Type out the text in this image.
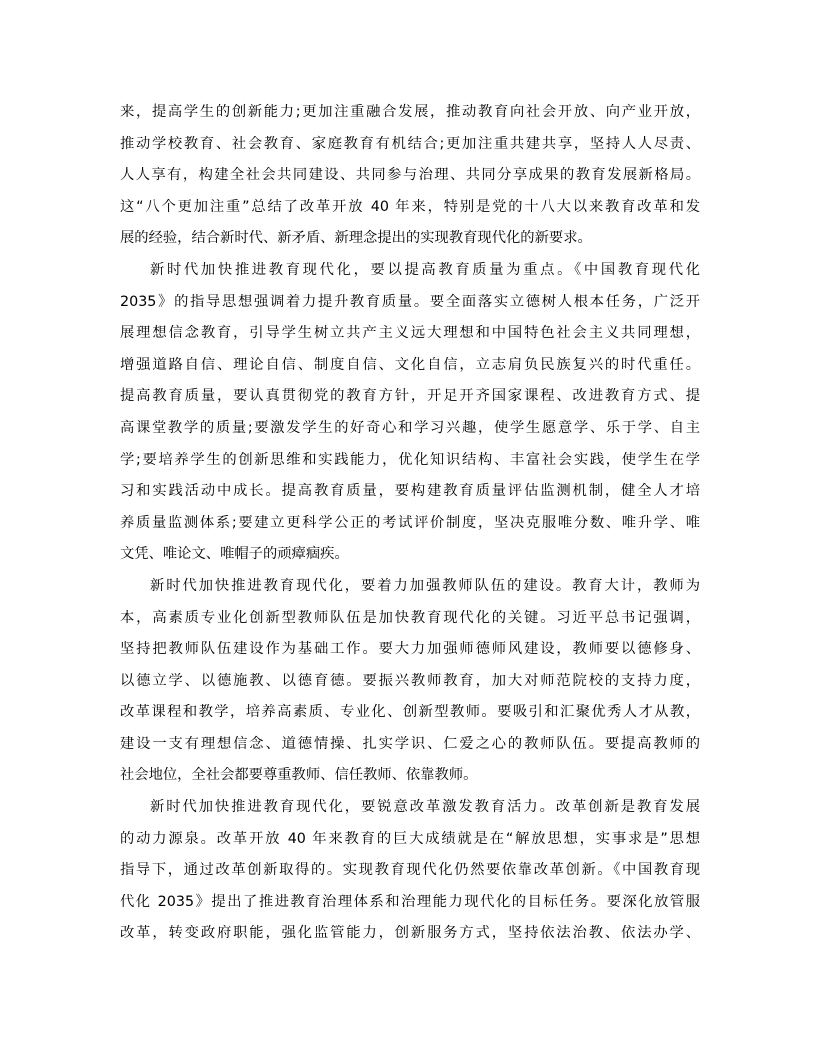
来，提高学生的创新能力;更加注重融合发展，推动教育向社会开放、向产业开放，
推动学校教育、社会教育、家庭教育有机结合;更加注重共建共享，坚持人人尽责、
人人享有，构建全社会共同建设、共同参与治理、共同分享成果的教育发展新格局。
这“八个更加注重”总结了改革开放 40 年来，特别是党的十八大以来教育改革和发
展的经验，结合新时代、新矛盾、新理念提出的实现教育现代化的新要求。
新时代加快推进教育现代化，要以提高教育质量为重点。《中国教育现代化
2035》的指导思想强调着力提升教育质量。要全面落实立德树人根本任务，广泛开
展理想信念教育，引导学生树立共产主义远大理想和中国特色社会主义共同理想，
增强道路自信、理论自信、制度自信、文化自信，立志肩负民族复兴的时代重任。
提高教育质量，要认真贯彻党的教育方针，开足开齐国家课程、改进教育方式、提
高课堂教学的质量;要激发学生的好奇心和学习兴趣，使学生愿意学、乐于学、自主
学;要培养学生的创新思维和实践能力，优化知识结构、丰富社会实践，使学生在学
习和实践活动中成长。提高教育质量，要构建教育质量评估监测机制，健全人才培
养质量监测体系;要建立更科学公正的考试评价制度，坚决克服唯分数、唯升学、唯
文凭、唯论文、唯帽子的顽瘴痼疾。
新时代加快推进教育现代化，要着力加强教师队伍的建设。教育大计，教师为
本，高素质专业化创新型教师队伍是加快教育现代化的关键。习近平总书记强调，
坚持把教师队伍建设作为基础工作。要大力加强师德师风建设，教师要以德修身、
以德立学、以德施教、以德育德。要振兴教师教育，加大对师范院校的支持力度，
改革课程和教学，培养高素质、专业化、创新型教师。要吸引和汇聚优秀人才从教，
建设一支有理想信念、道德情操、扎实学识、仁爱之心的教师队伍。要提高教师的
社会地位，全社会都要尊重教师、信任教师、依靠教师。
新时代加快推进教育现代化，要锐意改革激发教育活力。改革创新是教育发展
的动力源泉。改革开放 40 年来教育的巨大成绩就是在“解放思想，实事求是”思想
指导下，通过改革创新取得的。实现教育现代化仍然要依靠改革创新。《中国教育现
代化 2035》提出了推进教育治理体系和治理能力现代化的目标任务。要深化放管服
改革，转变政府职能，强化监管能力，创新服务方式，坚持依法治教、依法办学、
